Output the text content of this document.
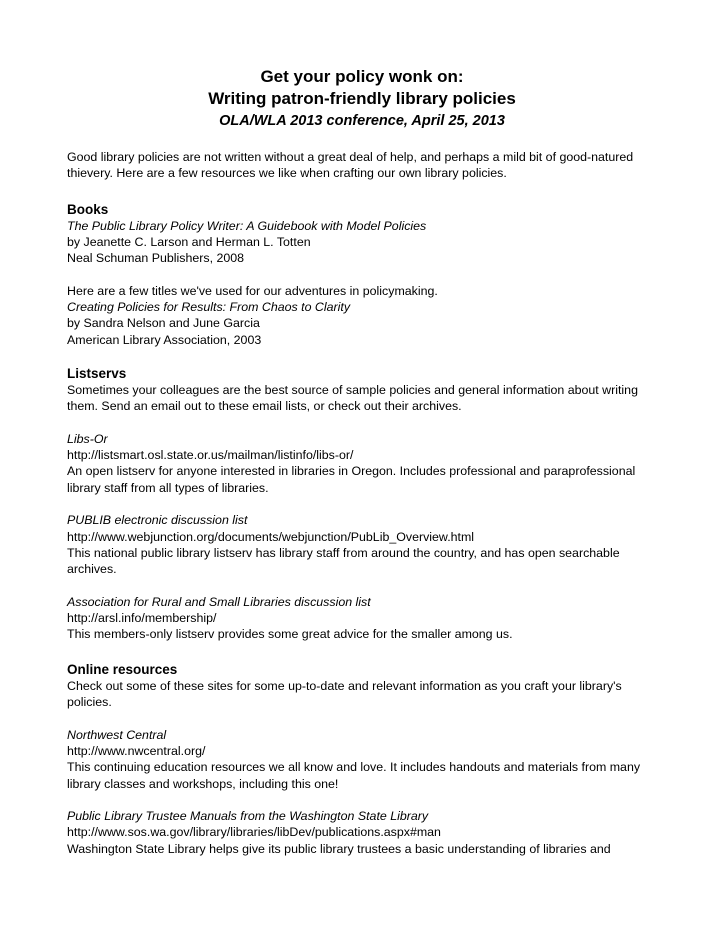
Get your policy wonk on:
Writing patron-friendly library policies
OLA/WLA 2013 conference, April 25, 2013

Good library policies are not written without a great deal of help, and perhaps a mild bit of good-natured thievery. Here are a few resources we like when crafting our own library policies.

Books

The Public Library Policy Writer: A Guidebook with Model Policies
by Jeanette C. Larson and Herman L. Totten
Neal Schuman Publishers, 2008

Here are a few titles we've used for our adventures in policymaking.

Creating Policies for Results: From Chaos to Clarity
by Sandra Nelson and June Garcia
American Library Association, 2003

Listservs

Sometimes your colleagues are the best source of sample policies and general information about writing them. Send an email out to these email lists, or check out their archives.

Libs-Or
http://listsmart.osl.state.or.us/mailman/listinfo/libs-or/
An open listserv for anyone interested in libraries in Oregon. Includes professional and paraprofessional library staff from all types of libraries.

PUBLIB electronic discussion list
http://www.webjunction.org/documents/webjunction/PubLib_Overview.html
This national public library listserv has library staff from around the country, and has open searchable archives.

Association for Rural and Small Libraries discussion list
http://arsl.info/membership/
This members-only listserv provides some great advice for the smaller among us.

Online resources

Check out some of these sites for some up-to-date and relevant information as you craft your library's policies.

Northwest Central
http://www.nwcentral.org/
This continuing education resources we all know and love. It includes handouts and materials from many library classes and workshops, including this one!

Public Library Trustee Manuals from the Washington State Library
http://www.sos.wa.gov/library/libraries/libDev/publications.aspx#man
Washington State Library helps give its public library trustees a basic understanding of libraries and
